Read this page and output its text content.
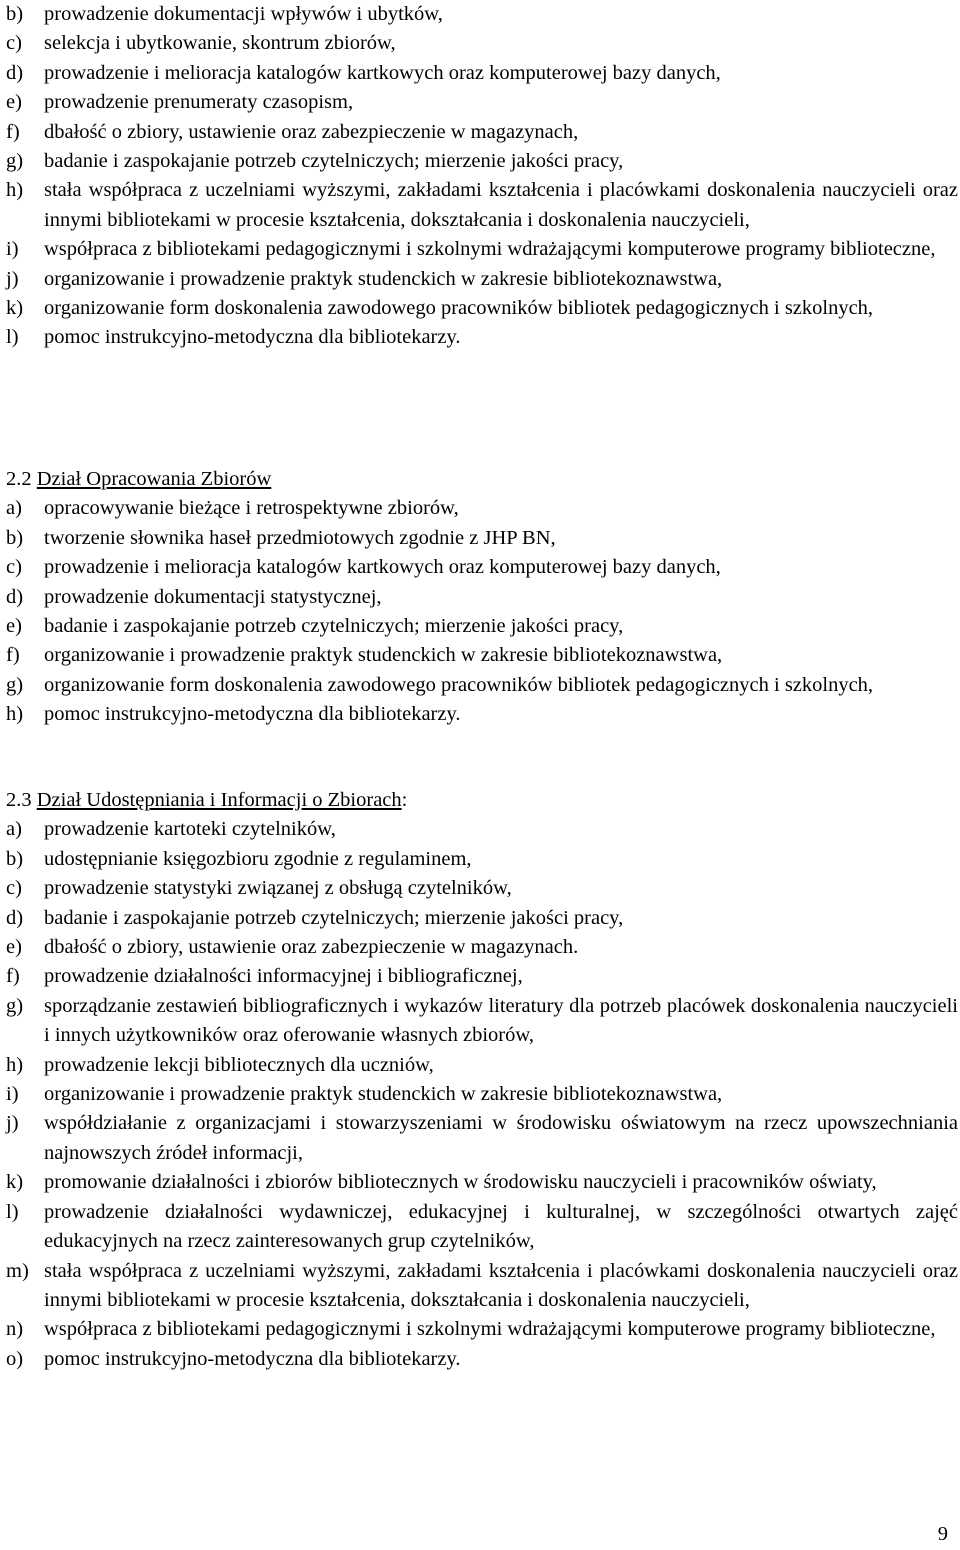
b)	prowadzenie dokumentacji wpływów i ubytków,
c)	selekcja i ubytkowanie, skontrum zbiorów,
d)	prowadzenie i melioracja katalogów kartkowych oraz komputerowej bazy danych,
e)	prowadzenie prenumeraty czasopism,
f)	dbałość o zbiory, ustawienie oraz zabezpieczenie w magazynach,
g)	badanie i zaspokajanie potrzeb czytelniczych; mierzenie jakości pracy,
h)	stała współpraca z uczelniami wyższymi, zakładami kształcenia i placówkami doskonalenia nauczycieli oraz innymi bibliotekami w procesie kształcenia, dokształcania i doskonalenia nauczycieli,
i)	współpraca z bibliotekami pedagogicznymi i szkolnymi wdrażającymi komputerowe programy biblioteczne,
j)	organizowanie i prowadzenie praktyk studenckich w zakresie bibliotekoznawstwa,
k)	organizowanie form doskonalenia zawodowego pracowników bibliotek pedagogicznych i szkolnych,
l)	pomoc instrukcyjno-metodyczna dla bibliotekarzy.
2.2 Dział Opracowania Zbiorów
a)	opracowywanie bieżące i retrospektywne zbiorów,
b)	tworzenie słownika haseł przedmiotowych zgodnie z JHP BN,
c)	prowadzenie i melioracja katalogów kartkowych oraz komputerowej bazy danych,
d)	prowadzenie dokumentacji statystycznej,
e)	badanie i zaspokajanie potrzeb czytelniczych; mierzenie jakości pracy,
f)	organizowanie i prowadzenie praktyk studenckich w zakresie bibliotekoznawstwa,
g)	organizowanie form doskonalenia zawodowego pracowników bibliotek pedagogicznych i szkolnych,
h)	pomoc instrukcyjno-metodyczna dla bibliotekarzy.
2.3 Dział Udostępniania i Informacji o Zbiorach:
a)	prowadzenie kartoteki czytelników,
b)	udostępnianie księgozbioru zgodnie z regulaminem,
c)	prowadzenie statystyki związanej z obsługą czytelników,
d)	badanie i zaspokajanie potrzeb czytelniczych; mierzenie jakości pracy,
e)	dbałość o zbiory, ustawienie oraz zabezpieczenie w magazynach.
f)	prowadzenie działalności informacyjnej i bibliograficznej,
g)	sporządzanie zestawień bibliograficznych i wykazów literatury dla potrzeb placówek doskonalenia nauczycieli i innych użytkowników oraz oferowanie własnych zbiorów,
h)	prowadzenie lekcji bibliotecznych dla uczniów,
i)	organizowanie i prowadzenie praktyk studenckich w zakresie bibliotekoznawstwa,
j)	współdziałanie z organizacjami i stowarzyszeniami w środowisku oświatowym na rzecz upowszechniania najnowszych źródeł informacji,
k)	promowanie działalności i zbiorów bibliotecznych w środowisku nauczycieli i pracowników oświaty,
l)	prowadzenie działalności wydawniczej, edukacyjnej i kulturalnej, w szczególności otwartych zajęć edukacyjnych na rzecz zainteresowanych grup czytelników,
m) stała współpraca z uczelniami wyższymi, zakładami kształcenia i placówkami doskonalenia nauczycieli oraz innymi bibliotekami w procesie kształcenia, dokształcania i doskonalenia nauczycieli,
n)	współpraca z bibliotekami pedagogicznymi i szkolnymi wdrażającymi komputerowe programy biblioteczne,
o)	pomoc instrukcyjno-metodyczna dla bibliotekarzy.
9
